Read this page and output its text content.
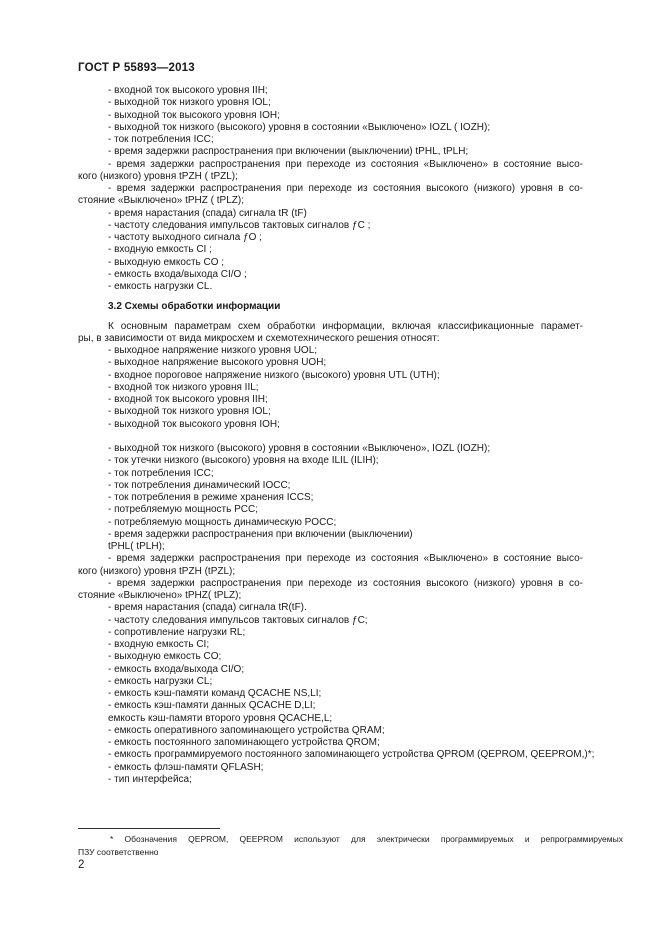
ГОСТ Р 55893—2013
- входной ток высокого уровня IIH;
- выходной ток низкого уровня IOL;
- выходной ток высокого уровня IOH;
- выходной ток низкого (высокого) уровня в состоянии «Выключено» IOZL ( IOZH);
- ток потребления ICC;
- время задержки распространения при включении (выключении) tPHL, tPLH;
- время задержки распространения при переходе из состояния «Выключено» в состояние высо-
кого (низкого) уровня tPZH ( tPZL);
- время задержки распространения при переходе из состояния высокого (низкого) уровня в со-
стояние «Выключено» tPHZ ( tPLZ);
- время нарастания (спада) сигнала tR (tF)
- частоту следования импульсов тактовых сигналов ƒC ;
- частоту выходного сигнала ƒO ;
- входную емкость CI ;
- выходную емкость CO ;
- емкость входа/выхода CI/O ;
- емкость нагрузки CL.
3.2 Схемы обработки информации
К основным параметрам схем обработки информации, включая классификационные парамет-
ры, в зависимости от вида микросхем и схемотехнического решения относят:
- выходное напряжение низкого уровня UOL;
- выходное напряжение высокого уровня UOH;
- входное пороговое напряжение низкого (высокого) уровня UTL (UTH);
- входной ток низкого уровня IIL;
- входной ток высокого уровня IIH;
- выходной ток низкого уровня IOL;
- выходной ток высокого уровня IOH;
- выходной ток низкого (высокого) уровня в состоянии «Выключено», IOZL (IOZH);
- ток утечки низкого (высокого) уровня на входе ILIL (ILIH);
- ток потребления ICC;
- ток потребления динамический IOCC;
- ток потребления в режиме хранения ICCS;
- потребляемую мощность PCC;
- потребляемую мощность динамическую POCC;
- время задержки распространения при включении (выключении)
tPHL( tPLH);
- время задержки распространения при переходе из состояния «Выключено» в состояние высо-
кого (низкого) уровня tPZH (tPZL);
- время задержки распространения при переходе из состояния высокого (низкого) уровня в со-
стояние «Выключено» tPHZ( tPLZ);
- время нарастания (спада) сигнала tR(tF).
- частоту следования импульсов тактовых сигналов ƒC;
- сопротивление нагрузки RL;
- входную емкость CI;
- выходную емкость CO;
- емкость входа/выхода CI/O;
- емкость нагрузки CL;
- емкость кэш-памяти команд QCACHE NS,LI;
- емкость кэш-памяти данных QCACHE D,LI;
емкость кэш-памяти второго уровня QCACHE,L;
- емкость оперативного запоминающего устройства QRAM;
- емкость постоянного запоминающего устройства QROM;
- емкость программируемого постоянного запоминающего устройства QPROM (QEPROM, QEEPROM,)*;
- емкость флэш-памяти QFLASH;
- тип интерфейса;
* Обозначения QEPROM, QEEPROM используют для электрически программируемых и репрограммируемых
ПЗУ соответственно
2
